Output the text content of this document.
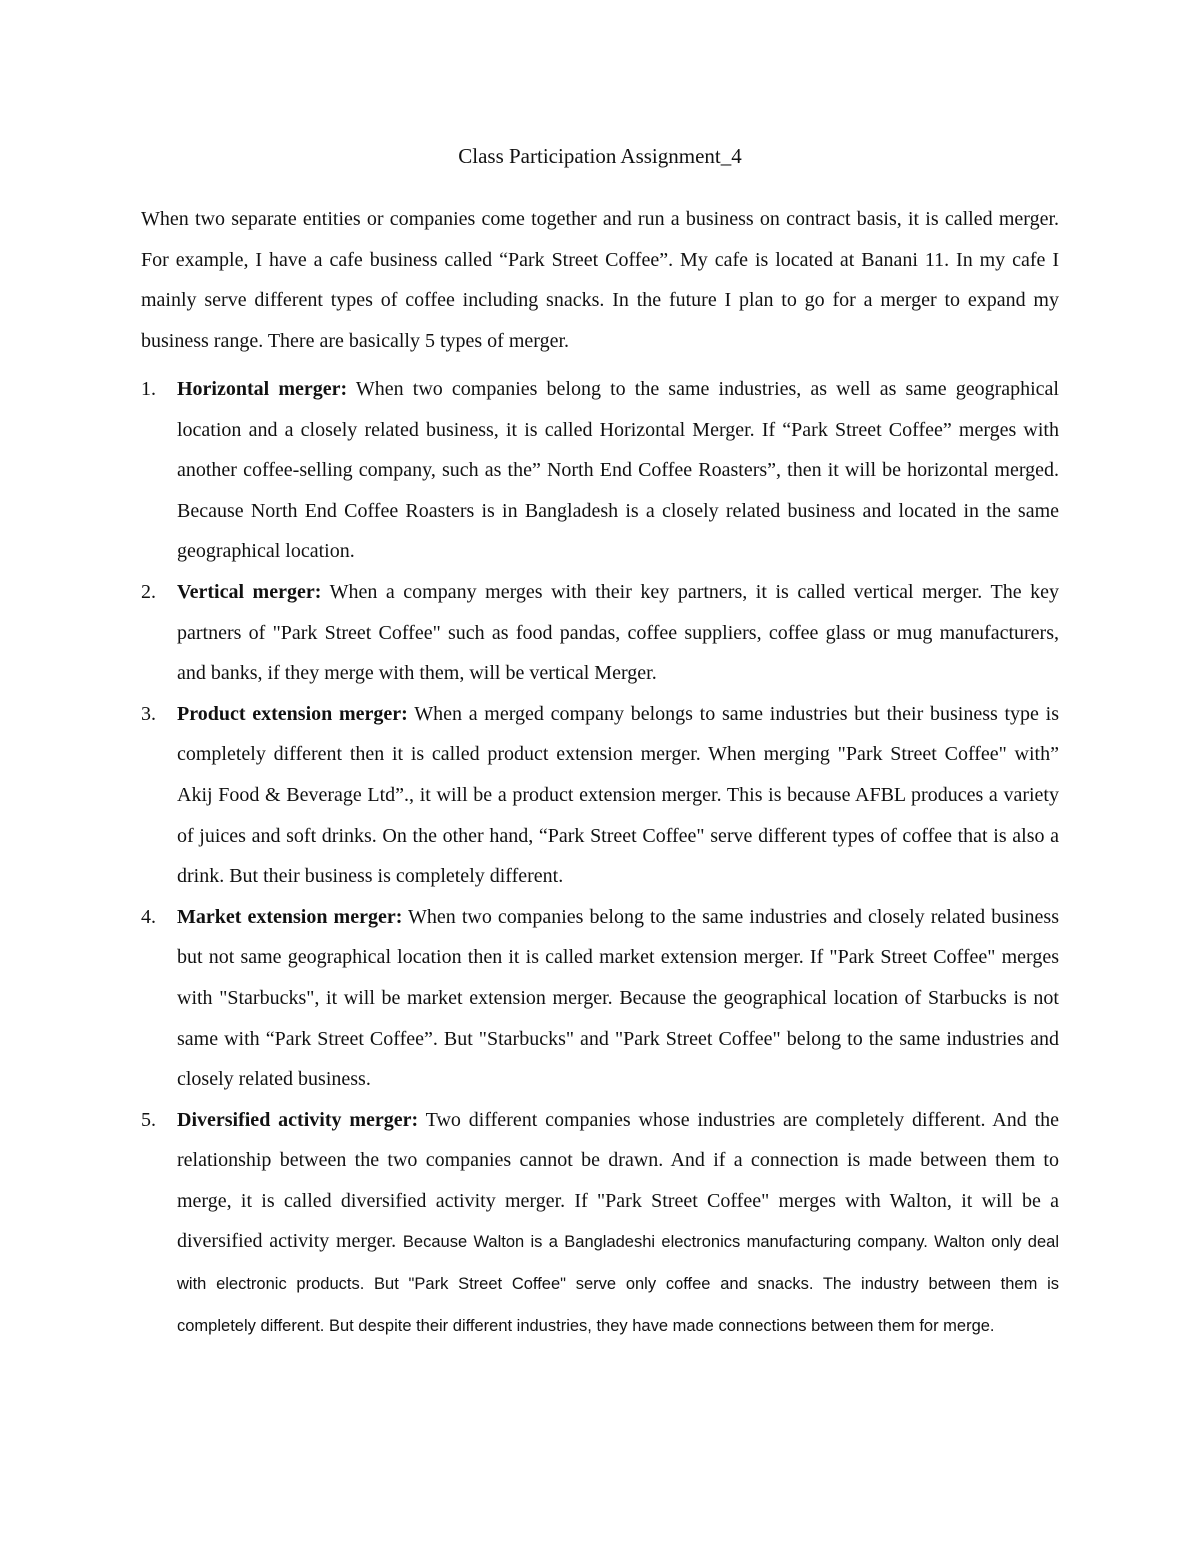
Class Participation Assignment_4

When two separate entities or companies come together and run a business on contract basis, it is called merger. For example, I have a cafe business called “Park Street Coffee”. My cafe is located at Banani 11. In my cafe I mainly serve different types of coffee including snacks. In the future I plan to go for a merger to expand my business range. There are basically 5 types of merger.

1.	Horizontal merger: When two companies belong to the same industries, as well as same geographical location and a closely related business, it is called Horizontal Merger. If “Park Street Coffee” merges with another coffee-selling company, such as the” North End Coffee Roasters”, then it will be horizontal merged. Because North End Coffee Roasters is in Bangladesh is a closely related business and located in the same geographical location.
2.	Vertical merger: When a company merges with their key partners, it is called vertical merger. The key partners of "Park Street Coffee" such as food pandas, coffee suppliers, coffee glass or mug manufacturers, and banks, if they merge with them, will be vertical Merger.
3.	Product extension merger: When a merged company belongs to same industries but their business type is completely different then it is called product extension merger. When merging "Park Street Coffee" with” Akij Food & Beverage Ltd”., it will be a product extension merger. This is because AFBL produces a variety of juices and soft drinks. On the other hand, “Park Street Coffee" serve different types of coffee that is also a drink. But their business is completely different.
4.	Market extension merger: When two companies belong to the same industries and closely related business but not same geographical location then it is called market extension merger. If "Park Street Coffee" merges with "Starbucks", it will be market extension merger. Because the geographical location of Starbucks is not same with “Park Street Coffee”. But "Starbucks" and "Park Street Coffee" belong to the same industries and closely related business.
5.	Diversified activity merger: Two different companies whose industries are completely different. And the relationship between the two companies cannot be drawn. And if a connection is made between them to merge, it is called diversified activity merger. If "Park Street Coffee" merges with Walton, it will be a diversified activity merger. Because Walton is a Bangladeshi electronics manufacturing company. Walton only deal with electronic products. But "Park Street Coffee" serve only coffee and snacks. The industry between them is completely different. But despite their different industries, they have made connections between them for merge.
